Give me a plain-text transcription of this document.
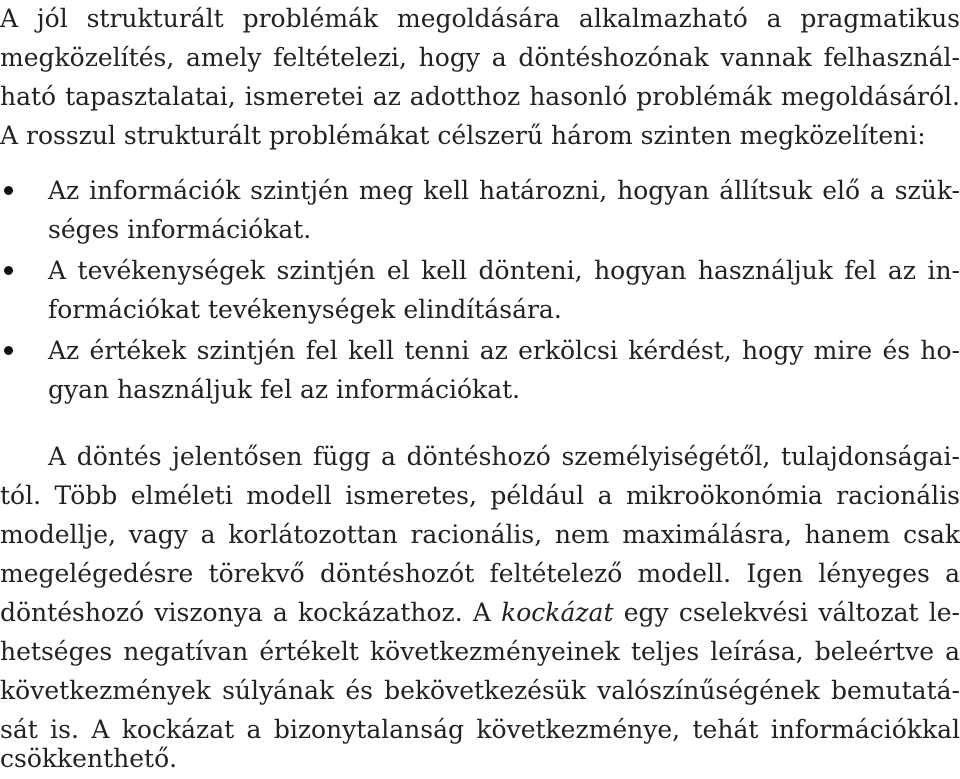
A jól strukturált problémák megoldására alkalmazható a pragmatikus

megközelítés, amely feltételezi, hogy a döntéshozónak vannak felhasznál-

ható tapasztalatai, ismeretei az adotthoz hasonló problémák megoldásáról.

A rosszul strukturált problémákat célszerű három szinten megközelíteni:

Az információk szintjén meg kell határozni, hogyan állítsuk elő a szük-

séges információkat.

A tevékenységek szintjén el kell dönteni, hogyan használjuk fel az in-

formációkat tevékenységek elindítására.

Az értékek szintjén fel kell tenni az erkölcsi kérdést, hogy mire és ho-

gyan használjuk fel az információkat.

A döntés jelentősen függ a döntéshozó személyiségétől, tulajdonságai-

tól. Több elméleti modell ismeretes, például a mikroökonómia racionális

modellje, vagy a korlátozottan racionális, nem maximálásra, hanem csak

megelégedésre törekvő döntéshozót feltételező modell. Igen lényeges a

döntéshozó viszonya a kockázathoz. A kockázat egy cselekvési változat le-

hetséges negatívan értékelt következményeinek teljes leírása, beleértve a

következmények súlyának és bekövetkezésük valószínűségének bemutatá-

sát is. A kockázat a bizonytalanság következménye, tehát információkkal

csökkenthető.
